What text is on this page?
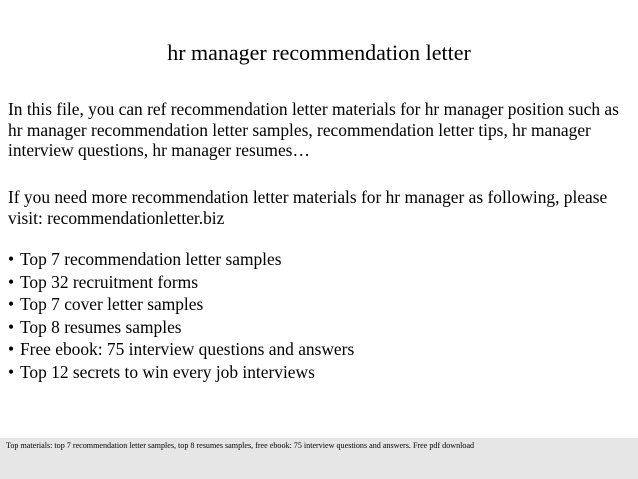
hr manager recommendation letter

In this file, you can ref recommendation letter materials for hr manager position such as

hr manager recommendation letter samples, recommendation letter tips, hr manager

interview questions, hr manager resumes…

If you need more recommendation letter materials for hr manager as following, please

visit: recommendationletter.biz

• Top 7 recommendation letter samples
• Top 32 recruitment forms
• Top 7 cover letter samples
• Top 8 resumes samples
• Free ebook: 75 interview questions and answers
• Top 12 secrets to win every job interviews
Top materials: top 7 recommendation letter samples, top 8 resumes samples, free ebook: 75 interview questions and answers. Free pdf download
